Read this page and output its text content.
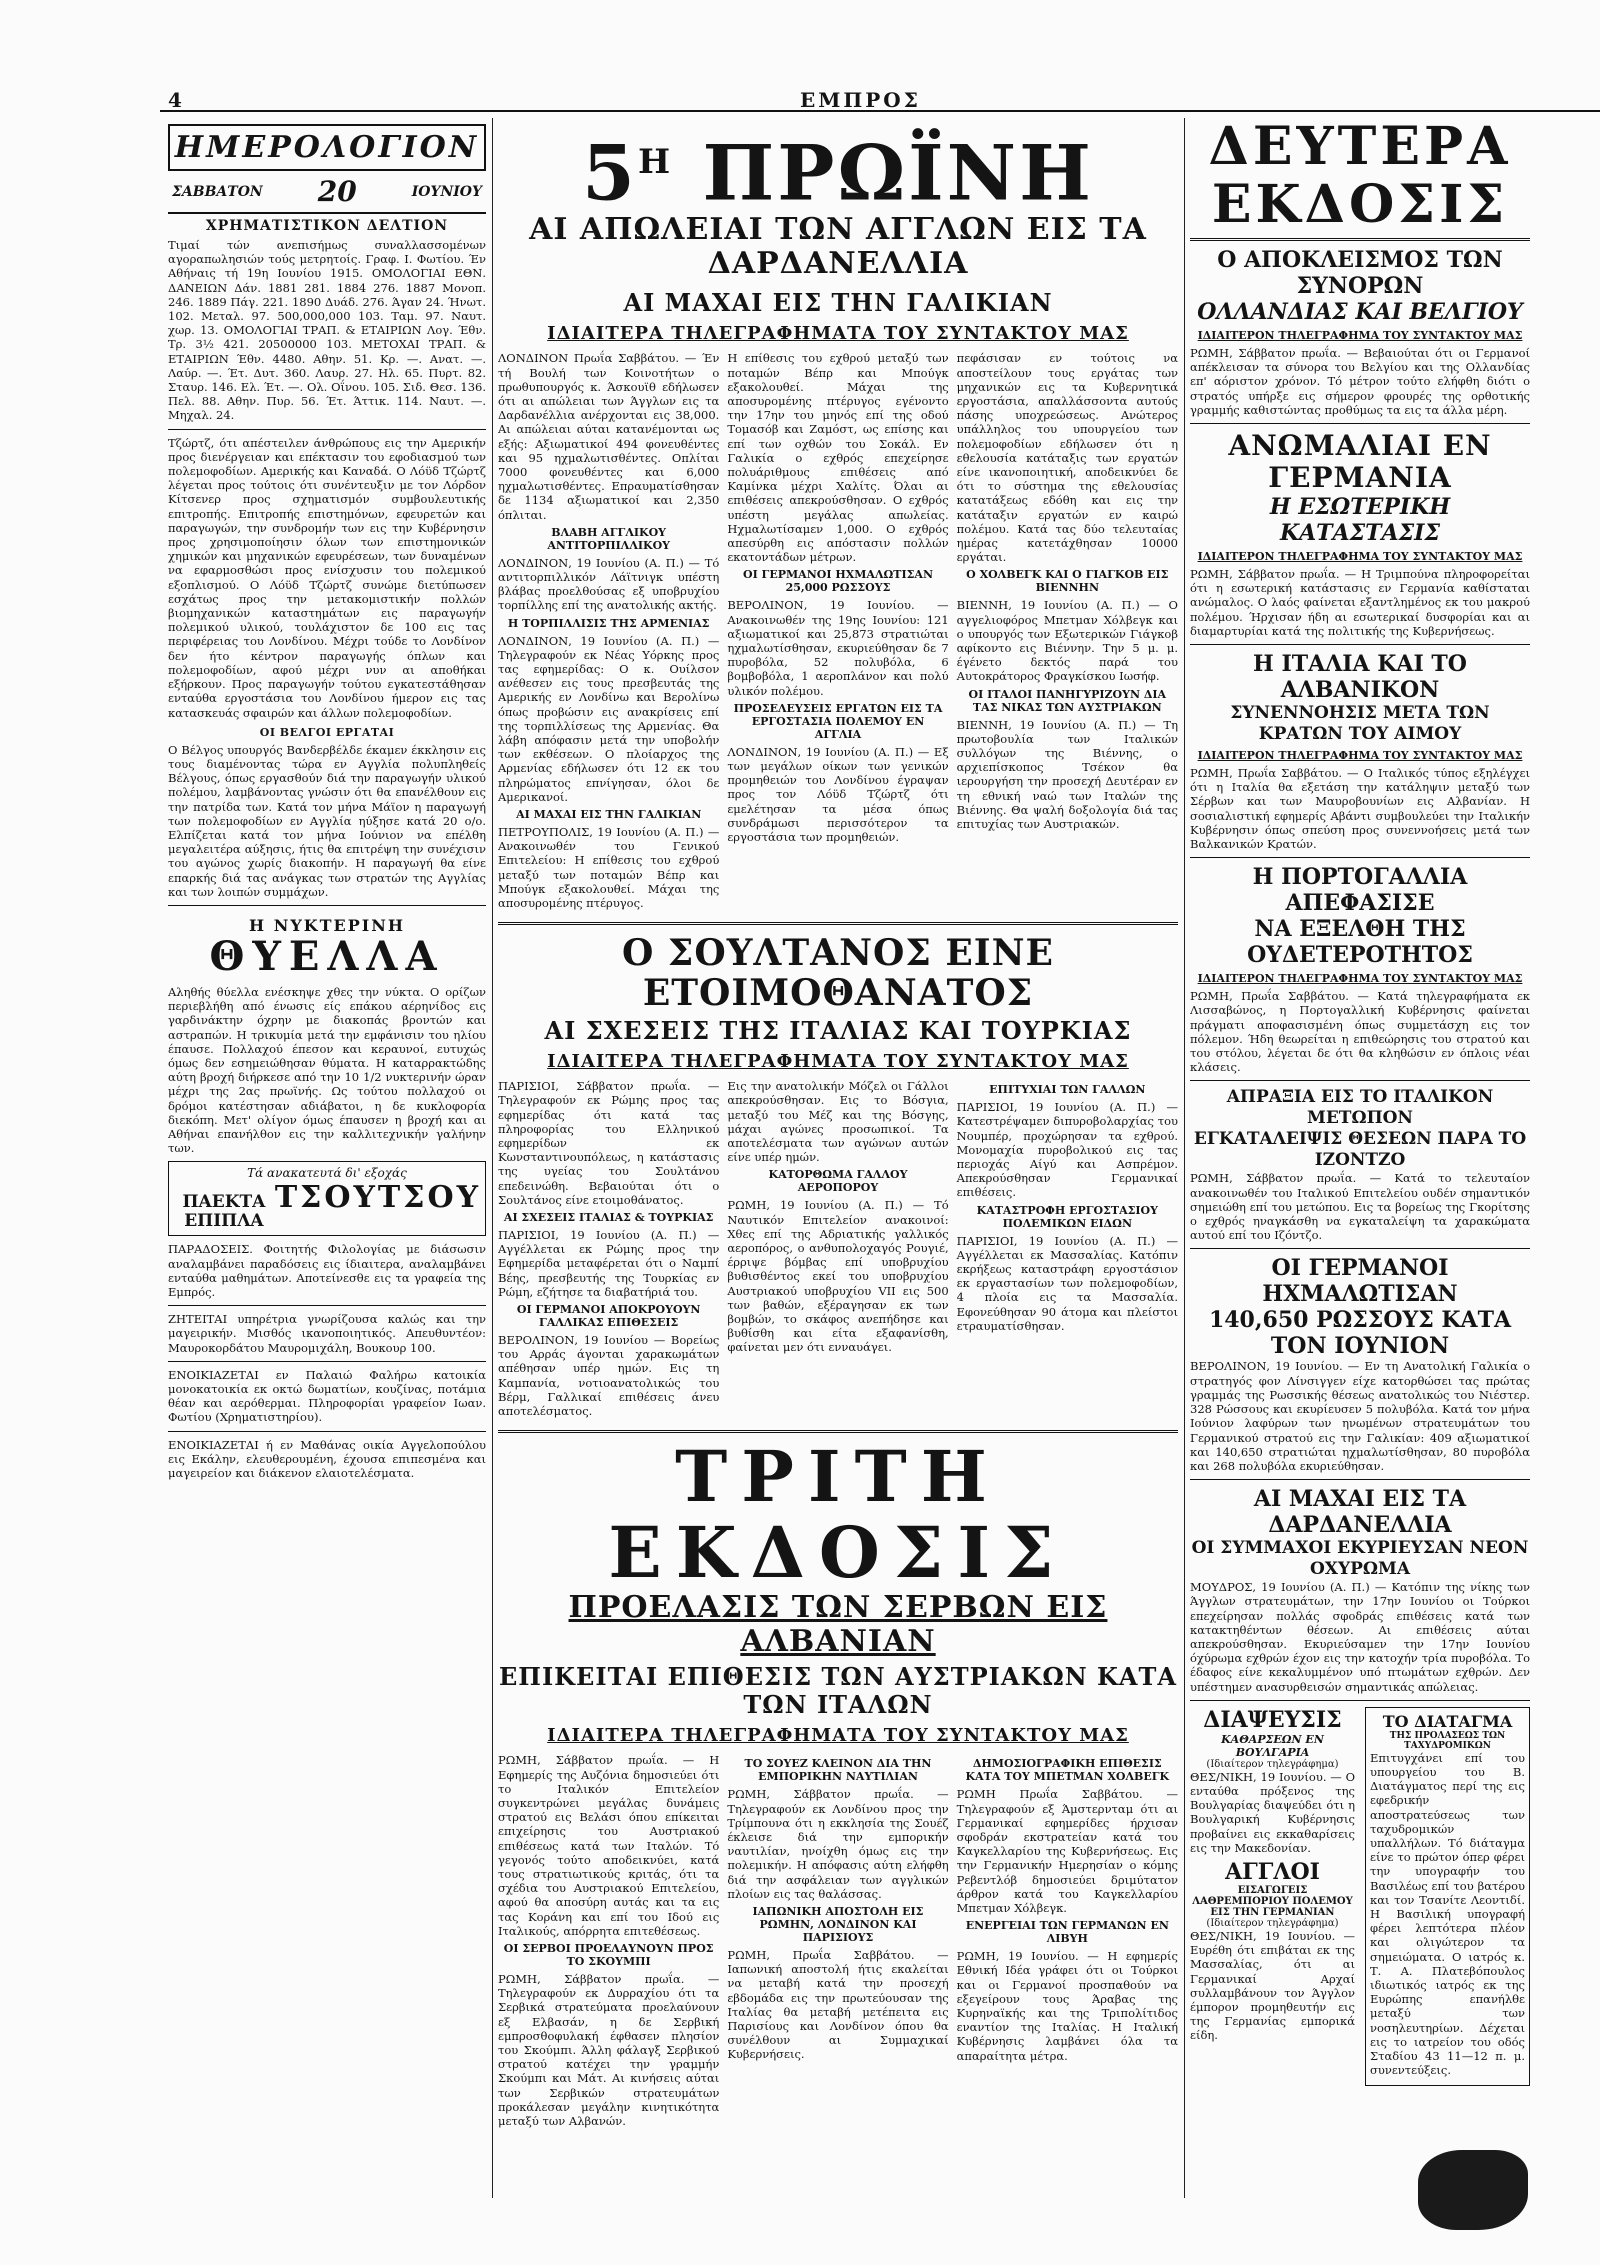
4	ΕΜΠΡΟΣ
ΗΜΕΡΟΛΟΓΙΟΝ
ΣΑΒΒΑΤΟΝ 20	ΙΟΥΝΙΟΥ
ΧΡΗΜΑΤΙΣΤΙΚΟΝ ΔΕΛΤΙΟΝ

Τιμαί τών ανεπισήμως συναλλασσομένων αγοραπωλησιών τούς μετρητοίς. Γραφ. Ι. Φωτίου. Έν Αθήναις τή 19η Ιουνίου 1915. ΟΜΟΛΟΓΙΑΙ ΕΘΝ. ΔΑΝΕΙΩΝ Δάν. 1881 281. 1884 276. 1887 Μονοπ. 246. 1889 Πάγ. 221. 1890 Δυάδ. 276. Άγαν 24. Ήνωτ. 102. Μεταλ. 97. 500,000,000 103. Ταμ. 97. Ναυτ. χωρ. 13. ΟΜΟΛΟΓΙΑΙ ΤΡΑΠ. & ΕΤΑΙΡΙΩΝ Λογ. Έθν. Τρ. 3½ 421. 20500000 103. ΜΕΤΟΧΑΙ ΤΡΑΠ. & ΕΤΑΙΡΙΩΝ Έθν. 4480. Αθην. 51. Κρ. —. Ανατ. —. Λαύρ. —. Έτ. Δυτ. 360. Λαυρ. 27. Ηλ. 65. Πυρτ. 82. Σταυρ. 146. Ελ. Έτ. —. Ολ. Οΐνου. 105. Σιδ. Θεσ. 136. Πελ. 88. Αθην. Πυρ. 56. Έτ. Άττικ. 114. Ναυτ. —. Μηχαλ. 24.

Τζώρτζ, ότι απέστειλεν άνθρώπους εις την Αμερικήν προς διενέργειαν και επέκτασιν του εφοδιασμού των πολεμοφοδίων. Αμερικής και Καναδά. Ο Λόϋδ Τζώρτζ λέγεται προς τούτοις ότι συνέντευξιν με τον Λόρδον Κίτσενερ προς σχηματισμόν συμβουλευτικής επιτροπής. Επιτροπής επιστημόνων, εφευρετών και παραγωγών, την συνδρομήν των εις την Κυβέρνησιν προς χρησιμοποίησιν όλων των επιστημονικών χημικών και μηχανικών εφευρέσεων, των δυναμένων να εφαρμοσθώσι προς ενίσχυσιν του πολεμικού εξοπλισμού. Ο Λόϋδ Τζώρτζ συνώμε διετύπωσεν εσχάτως προς την μετακομιστικήν πολλών βιομηχανικών καταστημάτων εις παραγωγήν πολεμικού υλικού, τουλάχιστον δε 100 εις τας περιφέρειας του Λονδίνου. Μέχρι τούδε το Λονδίνον δεν ήτο κέντρον παραγωγής όπλων και πολεμοφοδίων, αφού μέχρι νυν αι αποθήκαι εξήρκουν. Προς παραγωγήν τούτου εγκατεστάθησαν ενταύθα εργοστάσια του Λονδίνου ήμερον εις τας κατασκευάς σφαιρών και άλλων πολεμοφοδίων.

ΟΙ ΒΕΛΓΟΙ ΕΡΓΑΤΑΙ

Ο Βέλγος υπουργός Βανδερβέλδε έκαμεν έκκλησιν εις τους διαμένοντας τώρα εν Αγγλία πολυπληθείς Βέλγους, όπως εργασθούν διά την παραγωγήν υλικού πολέμου, λαμβάνοντας γνώσιν ότι θα επανέλθουν εις την πατρίδα των. Κατά τον μήνα Μάϊον η παραγωγή των πολεμοφοδίων εν Αγγλία ηύξησε κατά 20 ο/ο. Ελπίζεται κατά τον μήνα Ιούνιον να επέλθη μεγαλειτέρα αύξησις, ήτις θα επιτρέψη την συνέχισιν του αγώνος χωρίς διακοπήν. Η παραγωγή θα είνε επαρκής διά τας ανάγκας των στρατών της Αγγλίας και των λοιπών συμμάχων.

Η ΝΥΚΤΕΡΙΝΗ
ΘΥΕΛΛΑ

Αληθής θύελλα ενέσκηψε χθες την νύκτα. Ο ορίζων περιεβλήθη από ένωσις είς επάκου αέρηνίδος εις γαρδινάκτην όχρην με διακοπάς βροντών και αστραπών. Η τρικυμία μετά την εμφάνισιν του ηλίου έπαυσε. Πολλαχού έπεσον και κεραυνοί, ευτυχώς όμως δεν εσημειώθησαν θύματα. Η καταρρακτώδης αύτη βροχή διήρκεσε από την 10 1/2 νυκτερινήν ώραν μέχρι της 2ας πρωϊνής. Ως τούτου πολλαχού οι δρόμοι κατέστησαν αδιάβατοι, η δε κυκλοφορία διεκόπη. Μετ' ολίγον όμως έπαυσεν η βροχή και αι Αθήναι επανήλθον εις την καλλιτεχνικήν γαλήνην των.

Τά ανακατευτά δι' εξοχάς
ΠΑΕΚΤΑ ΕΠΙΠΛΑ
ΤΣΟΥΤΣΟΥ

ΠΑΡΑΔΟΣΕΙΣ. Φοιτητής Φιλολογίας με διάσωσιν αναλαμβάνει παραδόσεις εις ίδιαιτερα, αναλαμβάνει ενταύθα μαθημάτων. Αποτείνεσθε εις τα γραφεία της Εμπρός.

ΖΗΤΕΙΤΑΙ υπηρέτρια γνωρίζουσα καλώς και την μαγειρικήν. Μισθός ικανοποιητικός. Απευθυντέον: Μαυροκορδάτου Μαυρομιχάλη, Βουκουρ 100.

ΕΝΟΙΚΙΑΖΕΤΑΙ εν Παλαιώ Φαλήρω κατοικία μονοκατοικία εκ οκτώ δωματίων, κουζίνας, ποτάμια θέαν και αερόθερμαι. Πληροφορίαι γραφείον Ιωαν. Φωτίου (Χρηματιστηρίου).

ΕΝΟΙΚΙΑΖΕΤΑΙ ή εν Μαθάνας οικία Αγγελοπούλου εις Εκάλην, ελευθερουμένη, έχουσα επιπεσμένα και μαγειρείον και διάκενον ελαιοτελέσματα.

$5^H$ ΠΡΩΪΝΗ
ΑΙ ΑΠΩΛΕΙΑΙ ΤΩΝ ΑΓΓΛΩΝ ΕΙΣ ΤΑ ΔΑΡΔΑΝΕΛΛΙΑ
ΑΙ ΜΑΧΑΙ ΕΙΣ ΤΗΝ ΓΑΛΙΚΙΑΝ
ΙΔΙΑΙΤΕΡΑ ΤΗΛΕΓΡΑΦΗΜΑΤΑ ΤΟΥ ΣΥΝΤΑΚΤΟΥ ΜΑΣ

ΛΟΝΔΙΝΟΝ Πρωΐα Σαββάτου. — Έν τή Βουλή των Κοινοτήτων ο πρωθυπουργός κ. Άσκουϊθ εδήλωσεν ότι αι απώλειαι των Άγγλων εις τα Δαρδανέλλια ανέρχονται εις 38,000. Αι απώλειαι αύται κατανέμονται ως εξής: Αξιωματικοί 494 φονευθέντες και 95 ηχμαλωτισθέντες. Οπλίται 7000 φονευθέντες και 6,000 ηχμαλωτισθέντες. Επραυματίσθησαν δε 1134 αξιωματικοί και 2,350 όπλιται.

ΒΛΑΒΗ ΑΓΓΛΙΚΟΥ ΑΝΤΙΤΟΡΠΙΛΛΙΚΟΥ

ΛΟΝΔΙΝΟΝ, 19 Ιουνίου (Α. Π.) — Τό αντιτορπιλλικόν Λάϊτνιγκ υπέστη βλάβας προελθούσας εξ υποβρυχίου τορπίλλης επί της ανατολικής ακτής.

Η ΤΟΡΠΙΛΛΙΣΙΣ ΤΗΣ ΑΡΜΕΝΙΑΣ

ΛΟΝΔΙΝΟΝ, 19 Ιουνίου (Α. Π.) — Τηλεγραφούν εκ Νέας Υόρκης προς τας εφημερίδας: Ο κ. Ουίλσον ανέθεσεν εις τους πρεσβευτάς της Αμερικής εν Λονδίνω και Βερολίνω όπως προβώσιν εις ανακρίσεις επί της τορπιλλίσεως της Αρμενίας. Θα λάβη απόφασιν μετά την υποβολήν των εκθέσεων. Ο πλοίαρχος της Αρμενίας εδήλωσεν ότι 12 εκ του πληρώματος επνίγησαν, όλοι δε Αμερικανοί.

ΑΙ ΜΑΧΑΙ ΕΙΣ ΤΗΝ ΓΑΛΙΚΙΑΝ

ΠΕΤΡΟΥΠΟΛΙΣ, 19 Ιουνίου (Α. Π.) — Ανακοινωθέν του Γενικού Επιτελείου: Η επίθεσις του εχθρού μεταξύ των ποταμών Βέπρ και Μπούγκ εξακολουθεί. Μάχαι της αποσυρομένης πτέρυγος.

Η επίθεσις του εχθρού μεταξύ των ποταμών Βέπρ και Μπούγκ εξακολουθεί. Μάχαι της αποσυρομένης πτέρυγος εγένοντο την 17ην του μηνός επί της οδού Τομασόβ και Ζαμόστ, ως επίσης και επί των οχθών του Σοκάλ. Εν Γαλικία ο εχθρός επεχείρησε πολυάριθμους επιθέσεις από Καμίνκα μέχρι Χαλίτς. Όλαι αι επιθέσεις απεκρούσθησαν. Ο εχθρός υπέστη μεγάλας απωλείας. Ηχμαλωτίσαμεν 1,000. Ο εχθρός απεσύρθη εις απόστασιν πολλών εκατοντάδων μέτρων.

ΟΙ ΓΕΡΜΑΝΟΙ ΗΧΜΑΛΩΤΙΣΑΝ 25,000 ΡΩΣΣΟΥΣ

ΒΕΡΟΛΙΝΟΝ, 19 Ιουνίου. — Ανακοινωθέν της 19ης Ιουνίου: 121 αξιωματικοί και 25,873 στρατιώται ηχμαλωτίσθησαν, εκυριεύθησαν δε 7 πυροβόλα, 52 πολυβόλα, 6 βομβοβόλα, 1 αεροπλάνον και πολύ υλικόν πολέμου.

ΠΡΟΣΕΛΕΥΣΕΙΣ ΕΡΓΑΤΩΝ ΕΙΣ ΤΑ ΕΡΓΟΣΤΑΣΙΑ ΠΟΛΕΜΟΥ ΕΝ ΑΓΓΛΙΑ

ΛΟΝΔΙΝΟΝ, 19 Ιουνίου (Α. Π.) — Εξ των μεγάλων οίκων των γενικών προμηθειών του Λονδίνου έγραψαν προς τον Λόϋδ Τζώρτζ ότι εμελέτησαν τα μέσα όπως συνδράμωσι περισσότερον τα εργοστάσια των προμηθειών.

πεφάσισαν εν τούτοις να αποστείλουν τους εργάτας των μηχανικών εις τα Κυβερνητικά εργοστάσια, απαλλάσσοντα αυτούς πάσης υποχρεώσεως. Ανώτερος υπάλληλος του υπουργείου των πολεμοφοδίων εδήλωσεν ότι η εθελουσία κατάταξις των εργατών είνε ικανοποιητική, αποδεικνύει δε ότι το σύστημα της εθελουσίας κατατάξεως εδόθη και εις την κατάταξιν εργατών εν καιρώ πολέμου. Κατά τας δύο τελευταίας ημέρας κατετάχθησαν 10000 εργάται.

Ο ΧΟΛΒΕΓΚ ΚΑΙ Ο ΓΙΑΓΚΟΒ ΕΙΣ ΒΙΕΝΝΗΝ

ΒΙΕΝΝΗ, 19 Ιουνίου (Α. Π.) — Ο αγγελιοφόρος Μπετμαν Χόλβεγκ και ο υπουργός των Εξωτερικών Γιάγκοβ αφίκοντο εις Βιέννην. Την 5 μ. μ. έγένετο δεκτός παρά του Αυτοκράτορος Φραγκίσκου Ιωσήφ.

ΟΙ ΙΤΑΛΟΙ ΠΑΝΗΓΥΡΙΖΟΥΝ ΔΙΑ ΤΑΣ ΝΙΚΑΣ ΤΩΝ ΑΥΣΤΡΙΑΚΩΝ

ΒΙΕΝΝΗ, 19 Ιουνίου (Α. Π.) — Τη πρωτοβουλία των Ιταλικών συλλόγων της Βιέννης, ο αρχιεπίσκοπος Τσέκον θα ιερουργήση την προσεχή Δευτέραν εν τη εθνική ναώ των Ιταλών της Βιέννης. Θα ψαλή δοξολογία διά τας επιτυχίας των Αυστριακών.

Ο ΣΟΥΛΤΑΝΟΣ ΕΙΝΕ ΕΤΟΙΜΟΘΑΝΑΤΟΣ
ΑΙ ΣΧΕΣΕΙΣ ΤΗΣ ΙΤΑΛΙΑΣ ΚΑΙ ΤΟΥΡΚΙΑΣ
ΙΔΙΑΙΤΕΡΑ ΤΗΛΕΓΡΑΦΗΜΑΤΑ ΤΟΥ ΣΥΝΤΑΚΤΟΥ ΜΑΣ

ΠΑΡΙΣΙΟΙ, Σάββατον πρωΐα. — Τηλεγραφούν εκ Ρώμης προς τας εφημερίδας ότι κατά τας πληροφορίας του Ελληνικού εφημερίδων εκ Κωνσταντινουπόλεως, η κατάστασις της υγείας του Σουλτάνου επεδεινώθη. Βεβαιούται ότι ο Σουλτάνος είνε ετοιμοθάνατος.

ΑΙ ΣΧΕΣΕΙΣ ΙΤΑΛΙΑΣ & ΤΟΥΡΚΙΑΣ

ΠΑΡΙΣΙΟΙ, 19 Ιουνίου (Α. Π.) — Αγγέλλεται εκ Ρώμης προς την Εφημερίδα μεταφέρεται ότι ο Ναμπί Βέης, πρεσβευτής της Τουρκίας εν Ρώμη, εζήτησε τα διαβατήριά του.

ΟΙ ΓΕΡΜΑΝΟΙ ΑΠΟΚΡΟΥΟΥΝ ΓΑΛΛΙΚΑΣ ΕΠΙΘΕΣΕΙΣ

ΒΕΡΟΛΙΝΟΝ, 19 Ιουνίου — Βορείως του Αρράς άγονται χαρακωμάτων απέθησαν υπέρ ημών. Εις τη Καμπανία, νοτιοανατολικώς του Βέρμ, Γαλλικαί επιθέσεις άνευ αποτελέσματος.

Εις την ανατολικήν Μόζελ οι Γάλλοι απεκρούσθησαν. Εις το Βόσγια, μεταξύ του Μέζ και της Βόσγης, μάχαι αγώνες προσωπικοί. Τα αποτελέσματα των αγώνων αυτών είνε υπέρ ημών.

ΚΑΤΟΡΘΩΜΑ ΓΑΛΛΟΥ ΑΕΡΟΠΟΡΟΥ

ΡΩΜΗ, 19 Ιουνίου (Α. Π.) — Τό Ναυτικόν Επιτελείον ανακοινοί: Χθες επί της Αδριατικής γαλλικός αεροπόρος, ο ανθυπολοχαγός Ρουγιέ, έρριψε βόμβας επί υποβρυχίου βυθισθέντος εκεί του υποβρυχίου Αυστριακού υποβρυχίου VII εις 500 των βαθών, εξέραγησαν εκ των βομβών, το σκάφος ανεπήδησε και βυθίσθη και είτα εξαφανίσθη, φαίνεται μεν ότι ενναυάγει.

ΕΠΙΤΥΧΙΑΙ ΤΩΝ ΓΑΛΛΩΝ

ΠΑΡΙΣΙΟΙ, 19 Ιουνίου (Α. Π.) — Κατεστρέψαμεν διπυροβολαρχίας του Νουμπέρ, προχώρησαν τα εχθρού. Μονομαχία πυροβολικού εις τας περιοχάς Αίγύ και Ασπρέμον. Απεκρούσθησαν Γερμανικαί επιθέσεις.

ΚΑΤΑΣΤΡΟΦΗ ΕΡΓΟΣΤΑΣΙΟΥ ΠΟΛΕΜΙΚΩΝ ΕΙΔΩΝ

ΠΑΡΙΣΙΟΙ, 19 Ιουνίου (Α. Π.) — Αγγέλλεται εκ Μασσαλίας. Κατόπιν εκρήξεως καταστράφη εργοστάσιον εκ εργαστασίων των πολεμοφοδίων, 4 πλοία εις τα Μασσαλία. Εφονεύθησαν 90 άτομα και πλείστοι ετραυματίσθησαν.

ΤΡΙΤΗ ΕΚΔΟΣΙΣ
ΠΡΟΕΛΑΣΙΣ ΤΩΝ ΣΕΡΒΩΝ ΕΙΣ ΑΛΒΑΝΙΑΝ
ΕΠΙΚΕΙΤΑΙ ΕΠΙΘΕΣΙΣ ΤΩΝ ΑΥΣΤΡΙΑΚΩΝ ΚΑΤΑ ΤΩΝ ΙΤΑΛΩΝ
ΙΔΙΑΙΤΕΡΑ ΤΗΛΕΓΡΑΦΗΜΑΤΑ ΤΟΥ ΣΥΝΤΑΚΤΟΥ ΜΑΣ

ΡΩΜΗ, Σάββατον πρωΐα. — Η Εφημερίς της Αυζόνια δημοσιεύει ότι το Ιταλικόν Επιτελείον συγκεντρώνει μεγάλας δυνάμεις στρατού εις Βελάσι όπου επίκειται επιχείρησις του Αυστριακού επιθέσεως κατά των Ιταλών. Τό γεγονός τούτο αποδεικνύει, κατά τους στρατιωτικούς κριτάς, ότι τα σχέδια του Αυστριακού Επιτελείου, αφού θα αποσύρη αυτάς και τα εις τας Κοράνη και επί του Ιδού εις Ιταλικούς, απόρρητα επιτεθέσεως.

ΟΙ ΣΕΡΒΟΙ ΠΡΟΕΛΑΥΝΟΥΝ ΠΡΟΣ ΤΟ ΣΚΟΥΜΠΙ

ΡΩΜΗ, Σάββατον πρωΐα. — Τηλεγραφούν εκ Δυρραχίου ότι τα Σερβικά στρατεύματα προελαύνουν εξ Ελβασάν, η δε Σερβική εμπροσθοφυλακή έφθασεν πλησίον του Σκούμπι. Άλλη φάλαγξ Σερβικού στρατού κατέχει την γραμμήν Σκούμπι και Μάτ. Αι κινήσεις αύται των Σερβικών στρατευμάτων προκάλεσαν μεγάλην κινητικότητα μεταξύ των Αλβανών.

ΤΟ ΣΟΥΕΖ ΚΛΕΙΝΟΝ ΔΙΑ ΤΗΝ ΕΜΠΟΡΙΚΗΝ ΝΑΥΤΙΛΙΑΝ

ΡΩΜΗ, Σάββατον πρωΐα. — Τηλεγραφούν εκ Λονδίνου προς την Τρίμπουνα ότι η εκκλησία της Σουέζ έκλεισε διά την εμπορικήν ναυτιλίαν, ηνοίχθη όμως εις την πολεμικήν. Η απόφασις αύτη ελήφθη διά την ασφάλειαν των αγγλικών πλοίων εις τας θαλάσσας.

ΙΑΠΩΝΙΚΗ ΑΠΟΣΤΟΛΗ ΕΙΣ ΡΩΜΗΝ, ΛΟΝΔΙΝΟΝ ΚΑΙ ΠΑΡΙΣΙΟΥΣ

ΡΩΜΗ, Πρωΐα Σαββάτου. — Ιαπωνική αποστολή ήτις εκαλείται να μεταβή κατά την προσεχή εβδομάδα εις την πρωτεύουσαν της Ιταλίας θα μεταβή μετέπειτα εις Παρισίους και Λονδίνον όπου θα συνέλθουν αι Συμμαχικαί Κυβερνήσεις.

ΔΗΜΟΣΙΟΓΡΑΦΙΚΗ ΕΠΙΘΕΣΙΣ ΚΑΤΑ ΤΟΥ ΜΠΕΤΜΑΝ ΧΟΛΒΕΓΚ

ΡΩΜΗ Πρωΐα Σαββάτου. — Τηλεγραφούν εξ Άμστερνταμ ότι αι Γερμανικαί εφημερίδες ήρχισαν σφοδράν εκστρατείαν κατά του Καγκελλαρίου της Κυβερνήσεως. Εις την Γερμανικήν Ημερησίαν ο κόμης Ρεβεντλόβ δημοσιεύει δριμύτατον άρθρον κατά του Καγκελλαρίου Μπετμαν Χόλβεγκ.

ΕΝΕΡΓΕΙΑΙ ΤΩΝ ΓΕΡΜΑΝΩΝ ΕΝ ΛΙΒΥΗ

ΡΩΜΗ, 19 Ιουνίου. — Η εφημερίς Εθνική Ιδέα γράφει ότι οι Τούρκοι και οι Γερμανοί προσπαθούν να εξεγείρουν τους Άραβας της Κυρηναϊκής και της Τριπολίτιδος εναντίον της Ιταλίας. Η Ιταλική Κυβέρνησις λαμβάνει όλα τα απαραίτητα μέτρα.

ΔΕΥΤΕΡΑ ΕΚΔΟΣΙΣ
Ο ΑΠΟΚΛΕΙΣΜΟΣ ΤΩΝ ΣΥΝΟΡΩΝ
ΟΛΛΑΝΔΙΑΣ ΚΑΙ ΒΕΛΓΙΟΥ
ΙΔΙΑΙΤΕΡΟΝ ΤΗΛΕΓΡΑΦΗΜΑ ΤΟΥ ΣΥΝΤΑΚΤΟΥ ΜΑΣ

ΡΩΜΗ, Σάββατον πρωΐα. — Βεβαιούται ότι οι Γερμανοί απέκλεισαν τα σύνορα του Βελγίου και της Ολλανδίας επ' αόριστον χρόνον. Τό μέτρον τούτο ελήφθη διότι ο στρατός υπήρξε εις σήμερον φρουρές της ορθοτικής γραμμής καθιστώντας προθύμως τα εις τα άλλα μέρη.

ΑΝΩΜΑΛΙΑΙ ΕΝ ΓΕΡΜΑΝΙΑ
Η ΕΣΩΤΕΡΙΚΗ ΚΑΤΑΣΤΑΣΙΣ
ΙΔΙΑΙΤΕΡΟΝ ΤΗΛΕΓΡΑΦΗΜΑ ΤΟΥ ΣΥΝΤΑΚΤΟΥ ΜΑΣ

ΡΩΜΗ, Σάββατον πρωΐα. — Η Τριμπούνα πληροφορείται ότι η εσωτερική κατάστασις εν Γερμανία καθίσταται ανώμαλος. Ο λαός φαίνεται εξαντλημένος εκ του μακρού πολέμου. Ήρχισαν ήδη αι εσωτερικαί δυσφορίαι και αι διαμαρτυρίαι κατά της πολιτικής της Κυβερνήσεως.

Η ΙΤΑΛΙΑ ΚΑΙ ΤΟ ΑΛΒΑΝΙΚΟΝ
ΣΥΝΕΝΝΟΗΣΙΣ ΜΕΤΑ ΤΩΝ ΚΡΑΤΩΝ ΤΟΥ ΑΙΜΟΥ
ΙΔΙΑΙΤΕΡΟΝ ΤΗΛΕΓΡΑΦΗΜΑ ΤΟΥ ΣΥΝΤΑΚΤΟΥ ΜΑΣ

ΡΩΜΗ, Πρωΐα Σαββάτου. — Ο Ιταλικός τύπος εξηλέγχει ότι η Ιταλία θα εξετάση την κατάληψιν μεταξύ των Σέρβων και των Μαυροβουνίων εις Αλβανίαν. Η σοσιαλιστική εφημερίς Αβάντι συμβουλεύει την Ιταλικήν Κυβέρνησιν όπως σπεύση προς συνεννοήσεις μετά των Βαλκανικών Κρατών.

Η ΠΟΡΤΟΓΑΛΛΙΑ ΑΠΕΦΑΣΙΣΕ
ΝΑ ΕΞΕΛΘΗ ΤΗΣ ΟΥΔΕΤΕΡΟΤΗΤΟΣ
ΙΔΙΑΙΤΕΡΟΝ ΤΗΛΕΓΡΑΦΗΜΑ ΤΟΥ ΣΥΝΤΑΚΤΟΥ ΜΑΣ

ΡΩΜΗ, Πρωΐα Σαββάτου. — Κατά τηλεγραφήματα εκ Λισσαβώνος, η Πορτογαλλική Κυβέρνησις φαίνεται πράγματι αποφασισμένη όπως συμμετάσχη εις τον πόλεμον. Ήδη θεωρείται η επιθεώρησις του στρατού και του στόλου, λέγεται δε ότι θα κληθώσιν εν όπλοις νέαι κλάσεις.

ΑΠΡΑΞΙΑ ΕΙΣ ΤΟ ΙΤΑΛΙΚΟΝ ΜΕΤΩΠΟΝ
ΕΓΚΑΤΑΛΕΙΨΙΣ ΘΕΣΕΩΝ ΠΑΡΑ ΤΟ ΙΖΟΝΤΖΟ

ΡΩΜΗ, Σάββατον πρωΐα. — Κατά το τελευταίον ανακοινωθέν του Ιταλικού Επιτελείου ουδέν σημαντικόν σημειώθη επί του μετώπου. Εις τα βορείως της Γκορίτσης ο εχθρός ηναγκάσθη να εγκαταλείψη τα χαρακώματα αυτού επί του Ιζόντζο.

ΟΙ ΓΕΡΜΑΝΟΙ ΗΧΜΑΛΩΤΙΣΑΝ
140,650 ΡΩΣΣΟΥΣ ΚΑΤΑ ΤΟΝ ΙΟΥΝΙΟΝ

ΒΕΡΟΛΙΝΟΝ, 19 Ιουνίου. — Εν τη Ανατολική Γαλικία ο στρατηγός φον Λίνσιγγεν είχε κατορθώσει τας πρώτας γραμμάς της Ρωσσικής θέσεως ανατολικώς του Νιέστερ. 328 Ρώσσους και εκυρίευσεν 5 πολυβόλα. Κατά τον μήνα Ιούνιον λαφύρων των ηνωμένων στρατευμάτων του Γερμανικού στρατού εις την Γαλικίαν: 409 αξιωματικοί και 140,650 στρατιώται ηχμαλωτίσθησαν, 80 πυροβόλα και 268 πολυβόλα εκυριεύθησαν.

ΑΙ ΜΑΧΑΙ ΕΙΣ ΤΑ ΔΑΡΔΑΝΕΛΛΙΑ
ΟΙ ΣΥΜΜΑΧΟΙ ΕΚΥΡΙΕΥΣΑΝ ΝΕΟΝ ΟΧΥΡΩΜΑ

ΜΟΥΔΡΟΣ, 19 Ιουνίου (Α. Π.) — Κατόπιν της νίκης των Άγγλων στρατευμάτων, την 17ην Ιουνίου οι Τούρκοι επεχείρησαν πολλάς σφοδράς επιθέσεις κατά των κατακτηθέντων θέσεων. Αι επιθέσεις αύται απεκρούσθησαν. Εκυριεύσαμεν την 17ην Ιουνίου όχύρωμα εχθρών έχον εις την κατοχήν τρία πυροβόλα. Το έδαφος είνε κεκαλυμμένον υπό πτωμάτων εχθρών. Δεν υπέστημεν ανασυρθεισών σημαντικάς απώλειας.

ΔΙΑΨΕΥΣΙΣ
ΚΑΘΑΡΣΕΩΝ ΕΝ ΒΟΥΛΓΑΡΙΑ
(Ιδιαίτερον τηλεγράφημα)

ΘΕΣ/ΝΙΚΗ, 19 Ιουνίου. — Ο ενταύθα πρόξενος της Βουλγαρίας διαψεύδει ότι η Βουλγαρική Κυβέρνησις προβαίνει εις εκκαθαρίσεις εις την Μακεδονίαν.

ΑΓΓΛΟΙ
ΕΙΣΑΓΩΓΕΙΣ ΛΑΘΡΕΜΠΟΡΙΟΥ ΠΟΛΕΜΟΥ ΕΙΣ ΤΗΝ ΓΕΡΜΑΝΙΑΝ
(Ιδιαίτερον τηλεγράφημα)

ΘΕΣ/ΝΙΚΗ, 19 Ιουνίου. — Ευρέθη ότι επιβάται εκ της Μασσαλίας, ότι αι Γερμανικαί Αρχαί συλλαμβάνουν τον Άγγλον έμπορον προμηθευτήν εις της Γερμανίας εμπορικά είδη.

ΤΟ ΔΙΑΤΑΓΜΑ
ΤΗΣ ΠΡΟΛΑΣΕΩΣ ΤΩΝ ΤΑΧΥΔΡΟΜΙΚΩΝ

Επιτυγχάνει επί του υπουργείου του Β. Διατάγματος περί της εις εφεδρικήν αποστρατεύσεως των ταχυδρομικών υπαλλήλων. Τό διάταγμα είνε το πρώτον όπερ φέρει την υπογραφήν του Βασιλέως επί του βατέρου και τον Τσανίτε Λεοντιδί. Η Βασιλική υπογραφή φέρει λεπτότερα πλέον και ολιγώτερον τα σημειώματα. Ο ιατρός κ. Τ. Α. Πλατεβόπουλος ιδιωτικός ιατρός εκ της Ευρώπης επανήλθε μεταξύ των νοσηλευτηρίων. Δέχεται εις το ιατρείον του οδός Σταδίου 43 11—12 π. μ. συνεντεύξεις.
